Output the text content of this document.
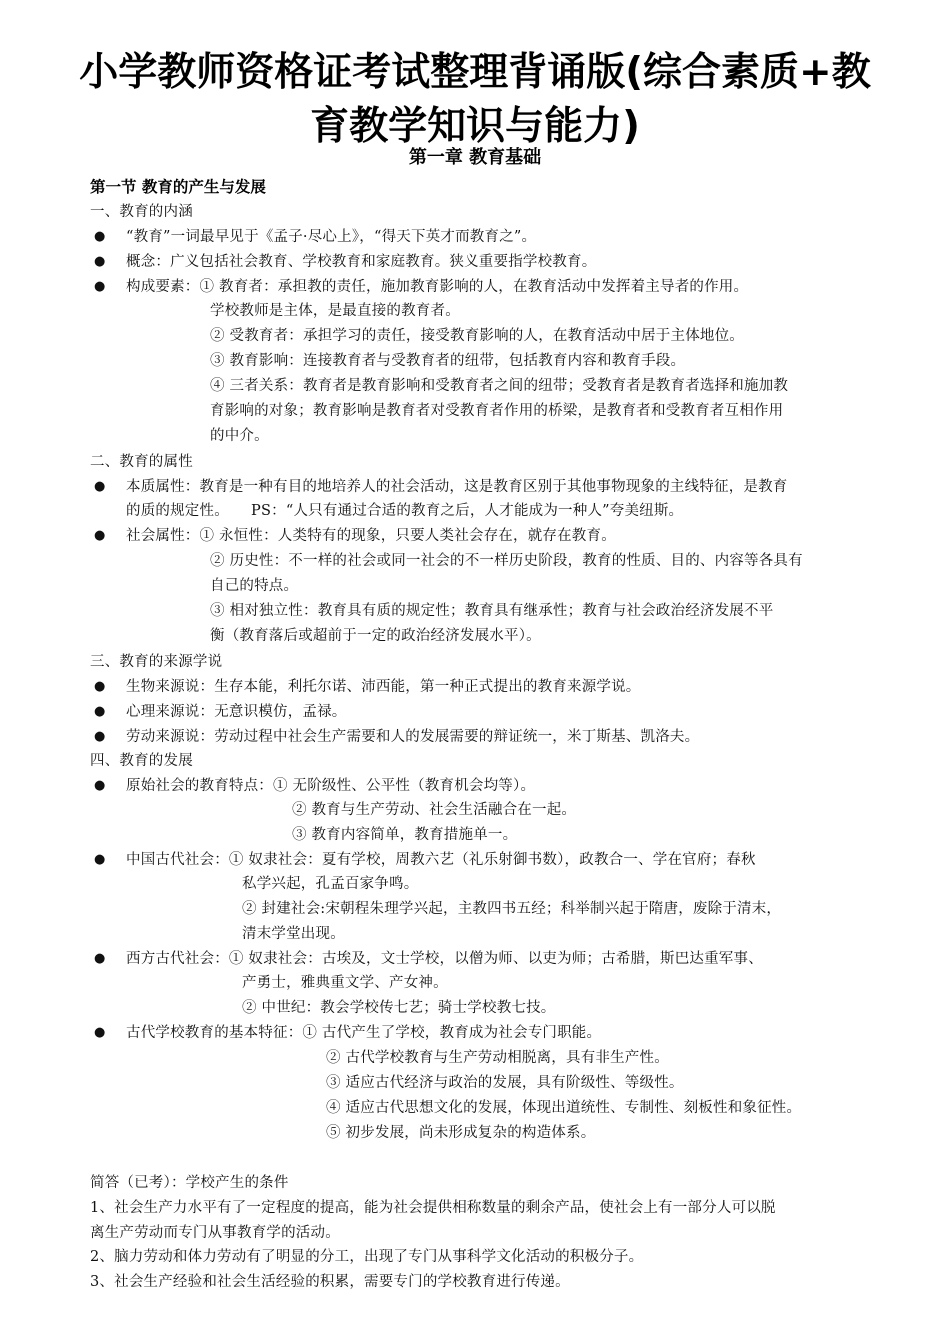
小学教师资格证考试整理背诵版(综合素质+教
育教学知识与能力)
第一章 教育基础
第一节 教育的产生与发展
一、教育的内涵
● “教育”一词最早见于《孟子·尽心上》，“得天下英才而教育之”。
● 概念：广义包括社会教育、学校教育和家庭教育。狭义重要指学校教育。
● 构成要素：① 教育者：承担教的责任，施加教育影响的人，在教育活动中发挥着主导者的作用。
学校教师是主体，是最直接的教育者。
② 受教育者：承担学习的责任，接受教育影响的人，在教育活动中居于主体地位。
③ 教育影响：连接教育者与受教育者的纽带，包括教育内容和教育手段。
④ 三者关系：教育者是教育影响和受教育者之间的纽带；受教育者是教育者选择和施加教
育影响的对象；教育影响是教育者对受教育者作用的桥梁，是教育者和受教育者互相作用
的中介。
二、教育的属性
● 本质属性：教育是一种有目的地培养人的社会活动，这是教育区别于其他事物现象的主线特征，是教育
的质的规定性。　　PS：“人只有通过合适的教育之后，人才能成为一种人”夸美纽斯。
● 社会属性：① 永恒性：人类特有的现象，只要人类社会存在，就存在教育。
② 历史性：不一样的社会或同一社会的不一样历史阶段，教育的性质、目的、内容等各具有
自己的特点。
③ 相对独立性：教育具有质的规定性；教育具有继承性；教育与社会政治经济发展不平
衡（教育落后或超前于一定的政治经济发展水平）。
三、教育的来源学说
● 生物来源说：生存本能，利托尔诺、沛西能，第一种正式提出的教育来源学说。
● 心理来源说：无意识模仿，孟禄。
● 劳动来源说：劳动过程中社会生产需要和人的发展需要的辩证统一，米丁斯基、凯洛夫。
四、教育的发展
● 原始社会的教育特点：① 无阶级性、公平性（教育机会均等）。
② 教育与生产劳动、社会生活融合在一起。
③ 教育内容简单，教育措施单一。
● 中国古代社会：① 奴隶社会：夏有学校，周教六艺（礼乐射御书数），政教合一、学在官府；春秋
私学兴起，孔孟百家争鸣。
② 封建社会:宋朝程朱理学兴起，主教四书五经；科举制兴起于隋唐，废除于清末，
清末学堂出现。
● 西方古代社会：① 奴隶社会：古埃及，文士学校，以僧为师、以吏为师；古希腊，斯巴达重军事、
产勇士，雅典重文学、产女神。
② 中世纪：教会学校传七艺；骑士学校教七技。
● 古代学校教育的基本特征：① 古代产生了学校，教育成为社会专门职能。
② 古代学校教育与生产劳动相脱离，具有非生产性。
③ 适应古代经济与政治的发展，具有阶级性、等级性。
④ 适应古代思想文化的发展，体现出道统性、专制性、刻板性和象征性。
⑤ 初步发展，尚未形成复杂的构造体系。
简答（已考）：学校产生的条件
1、社会生产力水平有了一定程度的提高，能为社会提供相称数量的剩余产品，使社会上有一部分人可以脱
离生产劳动而专门从事教育学的活动。
2、脑力劳动和体力劳动有了明显的分工，出现了专门从事科学文化活动的积极分子。
3、社会生产经验和社会生活经验的积累，需要专门的学校教育进行传递。
